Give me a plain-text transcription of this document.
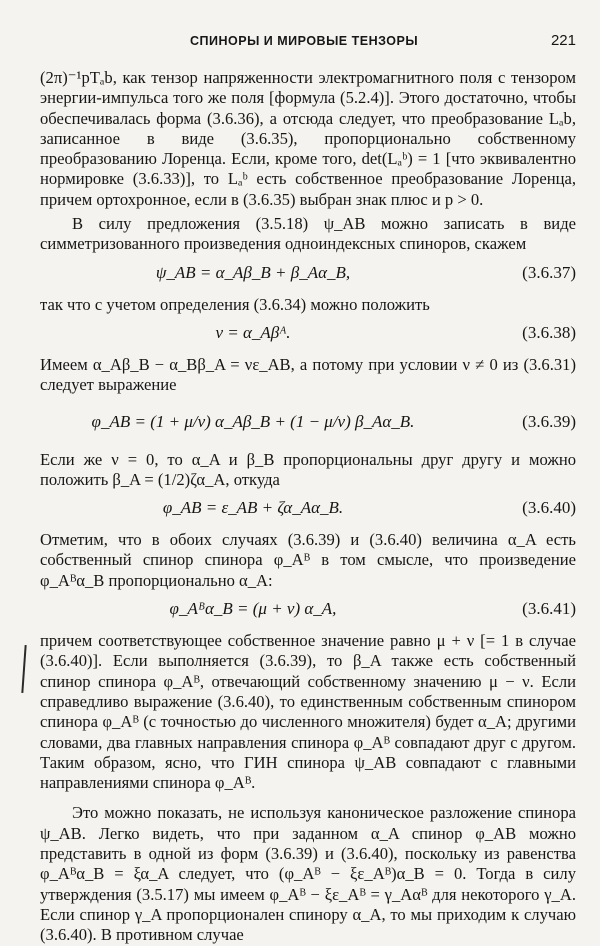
СПИНОРЫ И МИРОВЫЕ ТЕНЗОРЫ	221

(2π)⁻¹pTₐb, как тензор напряженности электромагнитного поля с тензором энергии-импульса того же поля [формула (5.2.4)]. Этого достаточно, чтобы обеспечивалась форма (3.6.36), а отсюда следует, что преобразование Lₐb, записанное в виде (3.6.35), пропорционально собственному преобразованию Лоренца. Если, кроме того, det(Lₐᵇ) = 1 [что эквивалентно нормировке (3.6.33)], то Lₐᵇ есть собственное преобразование Лоренца, причем ортохронное, если в (3.6.35) выбран знак плюс и p > 0.

В силу предложения (3.5.18) ψ_AB можно записать в виде симметризованного произведения одноиндексных спиноров, скажем

ψ_AB = α_Aβ_B + β_Aα_B,	(3.6.37)

так что с учетом определения (3.6.34) можно положить

ν = α_Aβᴬ.	(3.6.38)

Имеем α_Aβ_B − α_Bβ_A = νε_AB, а потому при условии ν ≠ 0 из (3.6.31) следует выражение

φ_AB = (1 + μ/ν) α_Aβ_B + (1 − μ/ν) β_Aα_B.	(3.6.39)

Если же ν = 0, то α_A и β_B пропорциональны друг другу и можно положить β_A = (1/2)ζα_A, откуда

φ_AB = ε_AB + ζα_Aα_B.	(3.6.40)

Отметим, что в обоих случаях (3.6.39) и (3.6.40) величина α_A есть собственный спинор спинора φ_Aᴮ в том смысле, что произведение φ_Aᴮα_B пропорционально α_A:

φ_Aᴮα_B = (μ + ν) α_A,	(3.6.41)

причем соответствующее собственное значение равно μ + ν [= 1 в случае (3.6.40)]. Если выполняется (3.6.39), то β_A также есть собственный спинор спинора φ_Aᴮ, отвечающий собственному значению μ − ν. Если справедливо выражение (3.6.40), то единственным собственным спинором спинора φ_Aᴮ (с точностью до численного множителя) будет α_A; другими словами, два главных направления спинора φ_Aᴮ совпадают друг с другом. Таким образом, ясно, что ГИН спинора ψ_AB совпадают с главными направлениями спинора φ_Aᴮ.

Это можно показать, не используя каноническое разложение спинора ψ_AB. Легко видеть, что при заданном α_A спинор φ_AB можно представить в одной из форм (3.6.39) и (3.6.40), поскольку из равенства φ_Aᴮα_B = ξα_A следует, что (φ_Aᴮ − ξε_Aᴮ)α_B = 0. Тогда в силу утверждения (3.5.17) мы имеем φ_Aᴮ − ξε_Aᴮ = γ_Aαᴮ для некоторого γ_A. Если спинор γ_A пропорционален спинору α_A, то мы приходим к случаю (3.6.40). В противном случае
